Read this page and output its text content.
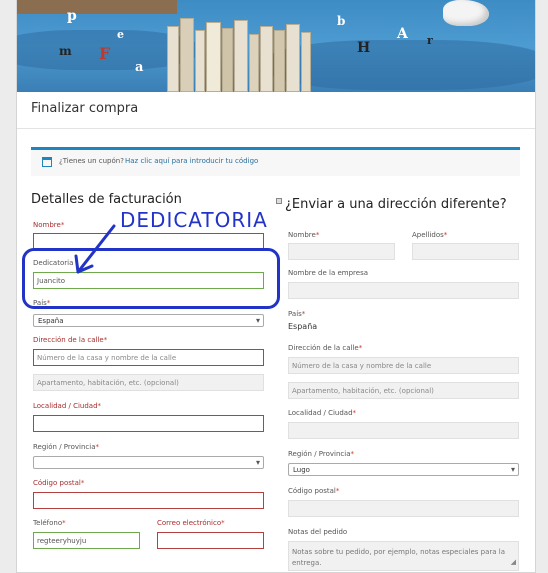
p
m F
e
a
H
A r
b
Finalizar compra
¿Tienes un cupón? Haz clic aquí para introducir tu código
Detalles de facturación
Nombre*
Dedicatoria
Juancito
País*
España ▾
Dirección de la calle*
Número de la casa y nombre de la calle
Apartamento, habitación, etc. (opcional)
Localidad / Ciudad*
Región / Provincia*
▾
Código postal*
Teléfono*
regteeryhuyju
Correo electrónico*
¿Enviar a una dirección diferente?
Nombre*	Apellidos*
Nombre de la empresa
País*
España
Dirección de la calle*
Número de la casa y nombre de la calle
Apartamento, habitación, etc. (opcional)
Localidad / Ciudad*
Región / Provincia*
Lugo ▾
Código postal*
Notas del pedido
Notas sobre tu pedido, por ejemplo, notas especiales para la entrega.	◢
DEDICATORIA
